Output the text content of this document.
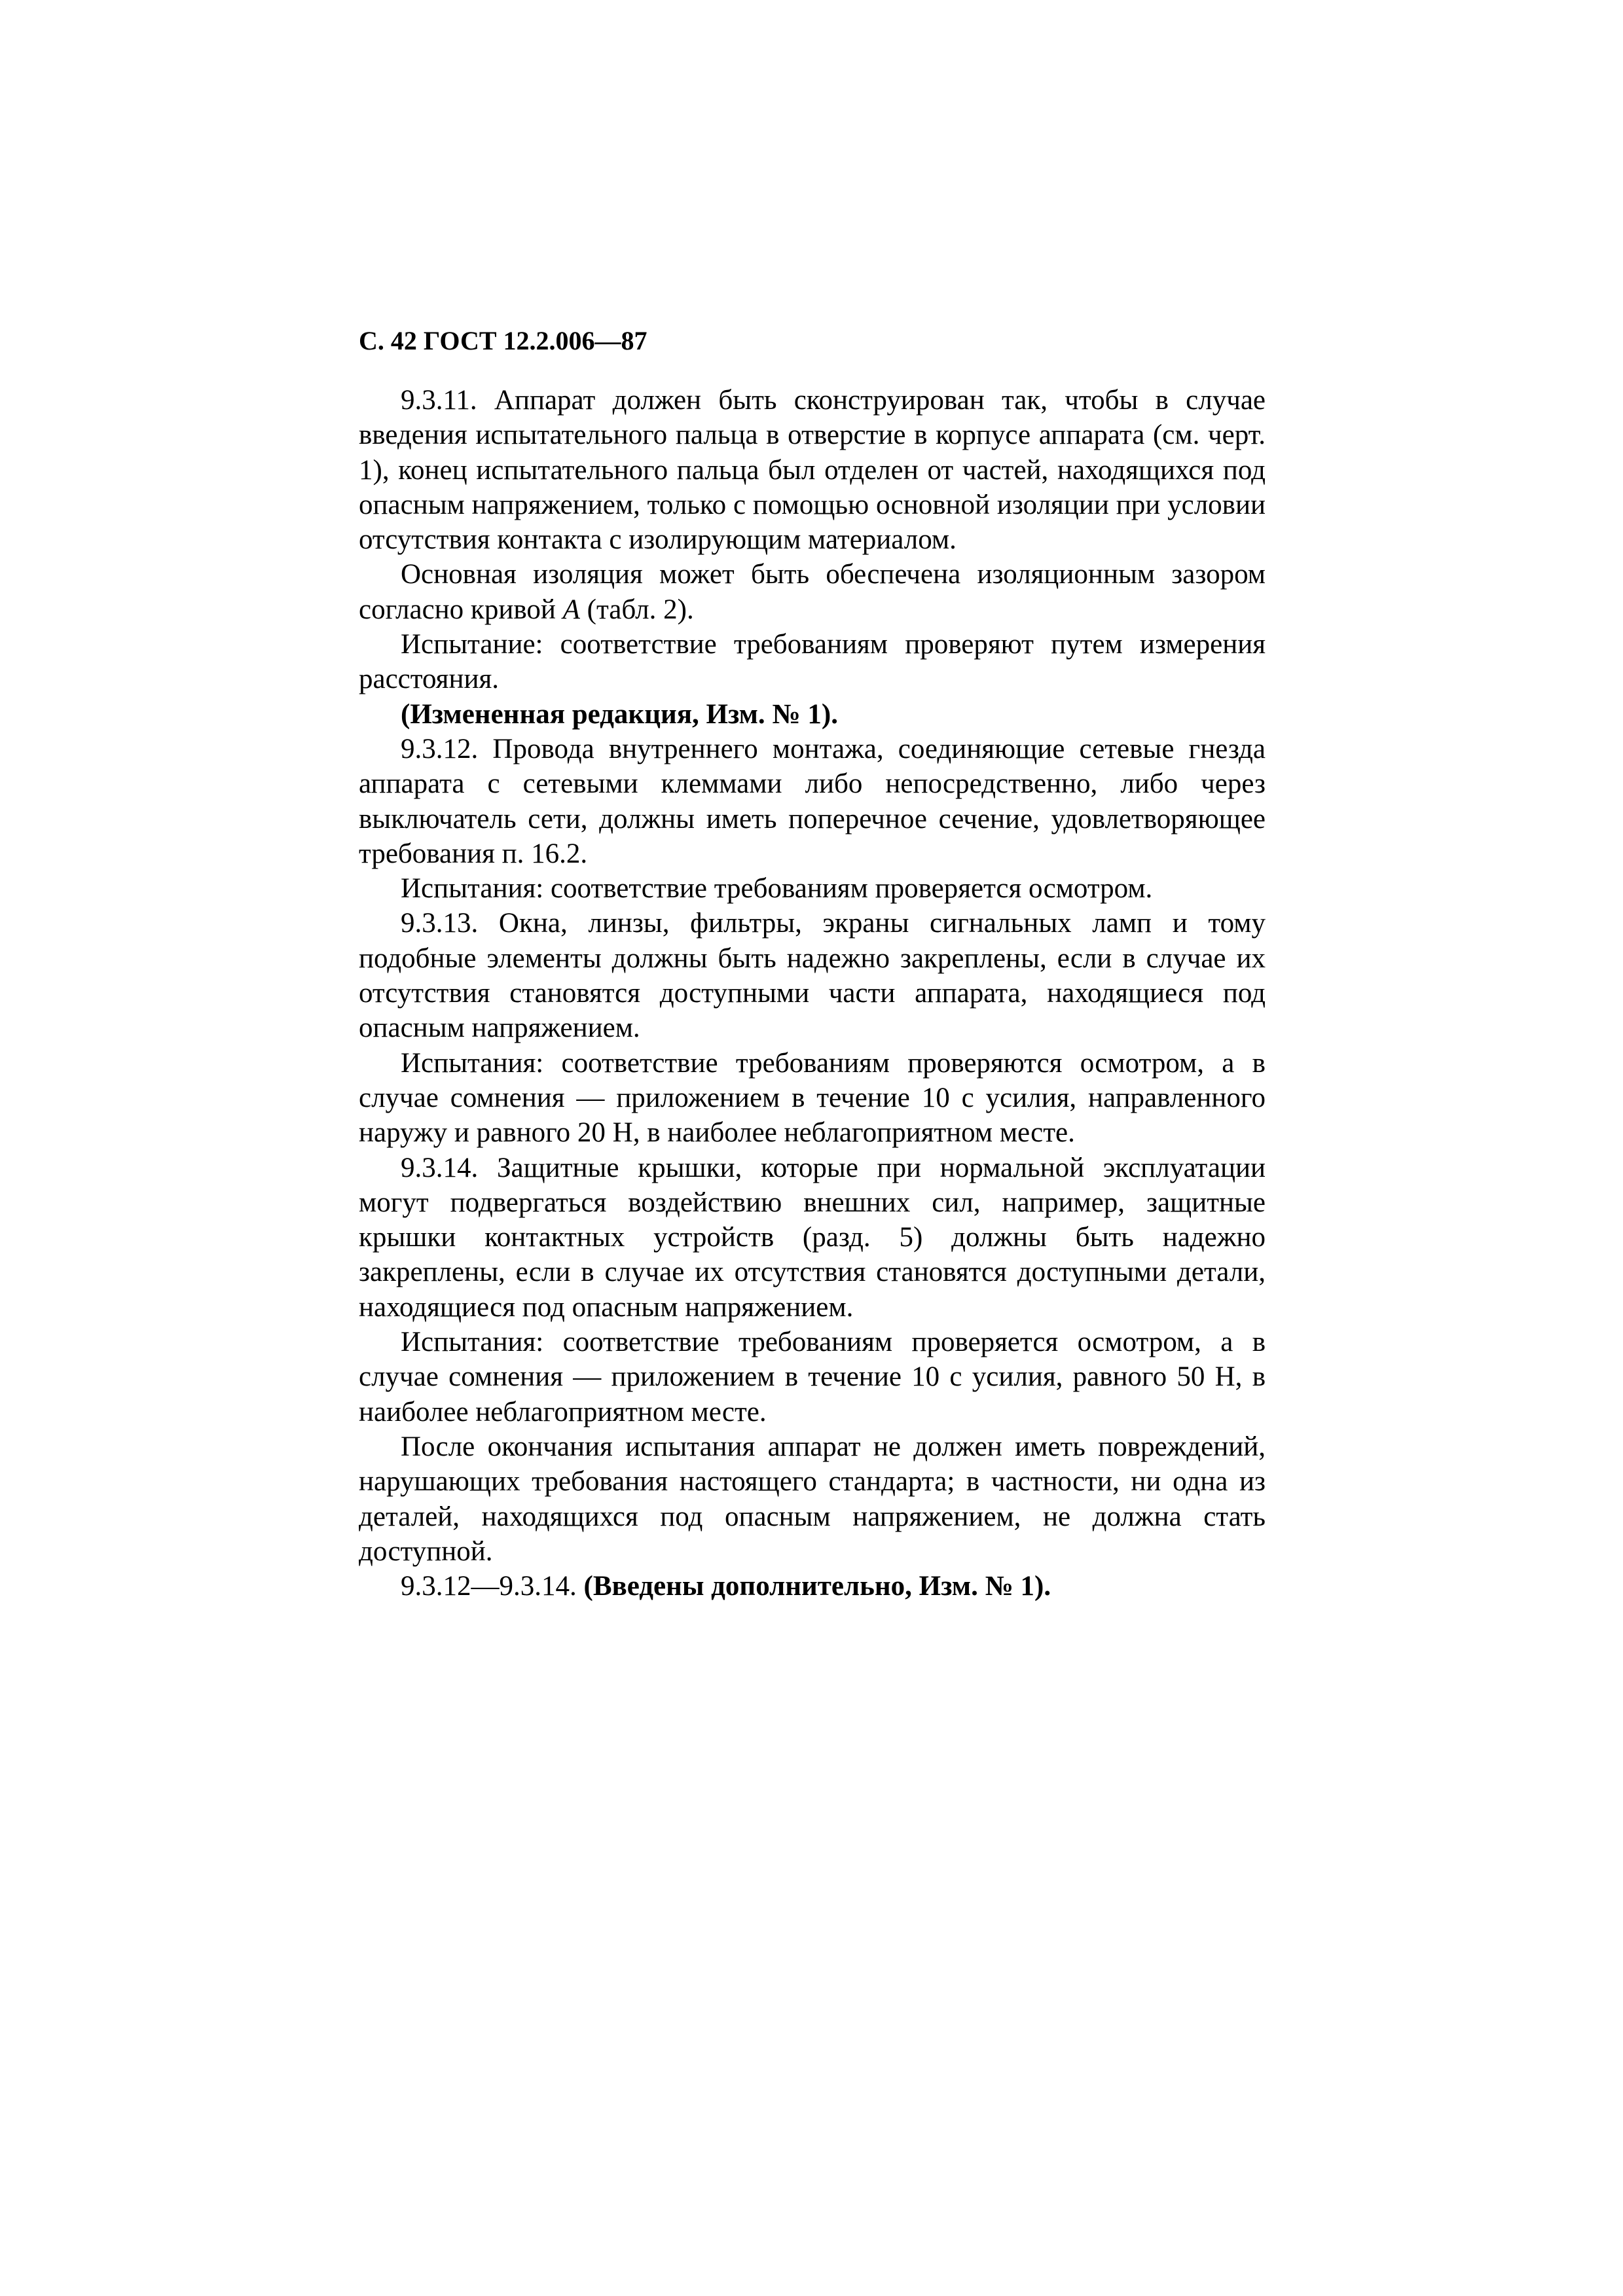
С. 42 ГОСТ 12.2.006—87

9.3.11. Аппарат должен быть сконструирован так, чтобы в случае введения испытательного пальца в отверстие в корпусе аппарата (см. черт. 1), конец испытательного пальца был отделен от частей, находящихся под опасным напряжением, только с помощью основной изоляции при условии отсутствия контакта с изолирующим материалом.

Основная изоляция может быть обеспечена изоляционным зазором согласно кривой А (табл. 2).

Испытание: соответствие требованиям проверяют путем измерения расстояния.

(Измененная редакция, Изм. № 1).

9.3.12. Провода внутреннего монтажа, соединяющие сетевые гнезда аппарата с сетевыми клеммами либо непосредственно, либо через выключатель сети, должны иметь поперечное сечение, удовлетворяющее требования п. 16.2.

Испытания: соответствие требованиям проверяется осмотром.

9.3.13. Окна, линзы, фильтры, экраны сигнальных ламп и тому подобные элементы должны быть надежно закреплены, если в случае их отсутствия становятся доступными части аппарата, находящиеся под опасным напряжением.

Испытания: соответствие требованиям проверяются осмотром, а в случае сомнения — приложением в течение 10 с усилия, направленного наружу и равного 20 Н, в наиболее неблагоприятном месте.

9.3.14. Защитные крышки, которые при нормальной эксплуатации могут подвергаться воздействию внешних сил, например, защитные крышки контактных устройств (разд. 5) должны быть надежно закреплены, если в случае их отсутствия становятся доступными детали, находящиеся под опасным напряжением.

Испытания: соответствие требованиям проверяется осмотром, а в случае сомнения — приложением в течение 10 с усилия, равного 50 Н, в наиболее неблагоприятном месте.

После окончания испытания аппарат не должен иметь повреждений, нарушающих требования настоящего стандарта; в частности, ни одна из деталей, находящихся под опасным напряжением, не должна стать доступной.

9.3.12—9.3.14. (Введены дополнительно, Изм. № 1).
